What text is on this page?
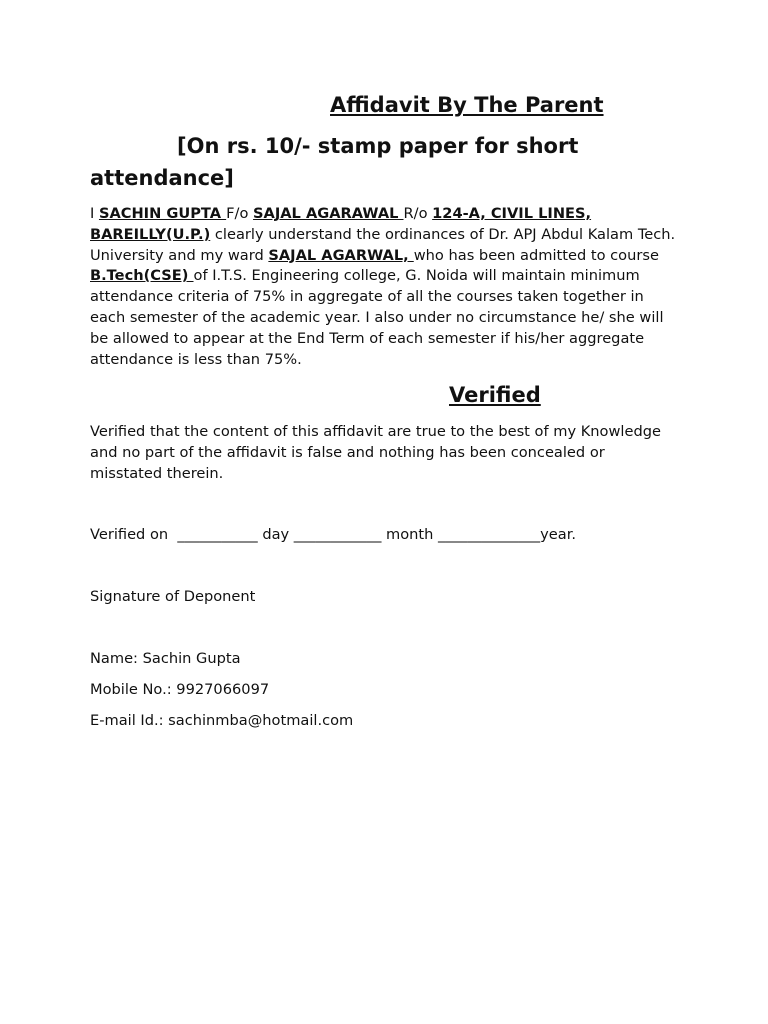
Affidavit By The Parent
[On rs. 10/- stamp paper for short attendance]

I SACHIN GUPTA F/o SAJAL AGARAWAL R/o 124-A, CIVIL LINES, BAREILLY(U.P.) clearly understand the ordinances of Dr. APJ Abdul Kalam Tech. University and my ward SAJAL AGARWAL, who has been admitted to course B.Tech(CSE) of I.T.S. Engineering college, G. Noida will maintain minimum attendance criteria of 75% in aggregate of all the courses taken together in each semester of the academic year. I also under no circumstance he/ she will be allowed to appear at the End Term of each semester if his/her aggregate attendance is less than 75%.

Verified

Verified that the content of this affidavit are true to the best of my Knowledge and no part of the affidavit is false and nothing has been concealed or misstated therein.

Verified on  ___________ day ____________ month ______________year.

Signature of Deponent

Name: Sachin Gupta

Mobile No.: 9927066097

E-mail Id.: sachinmba@hotmail.com
